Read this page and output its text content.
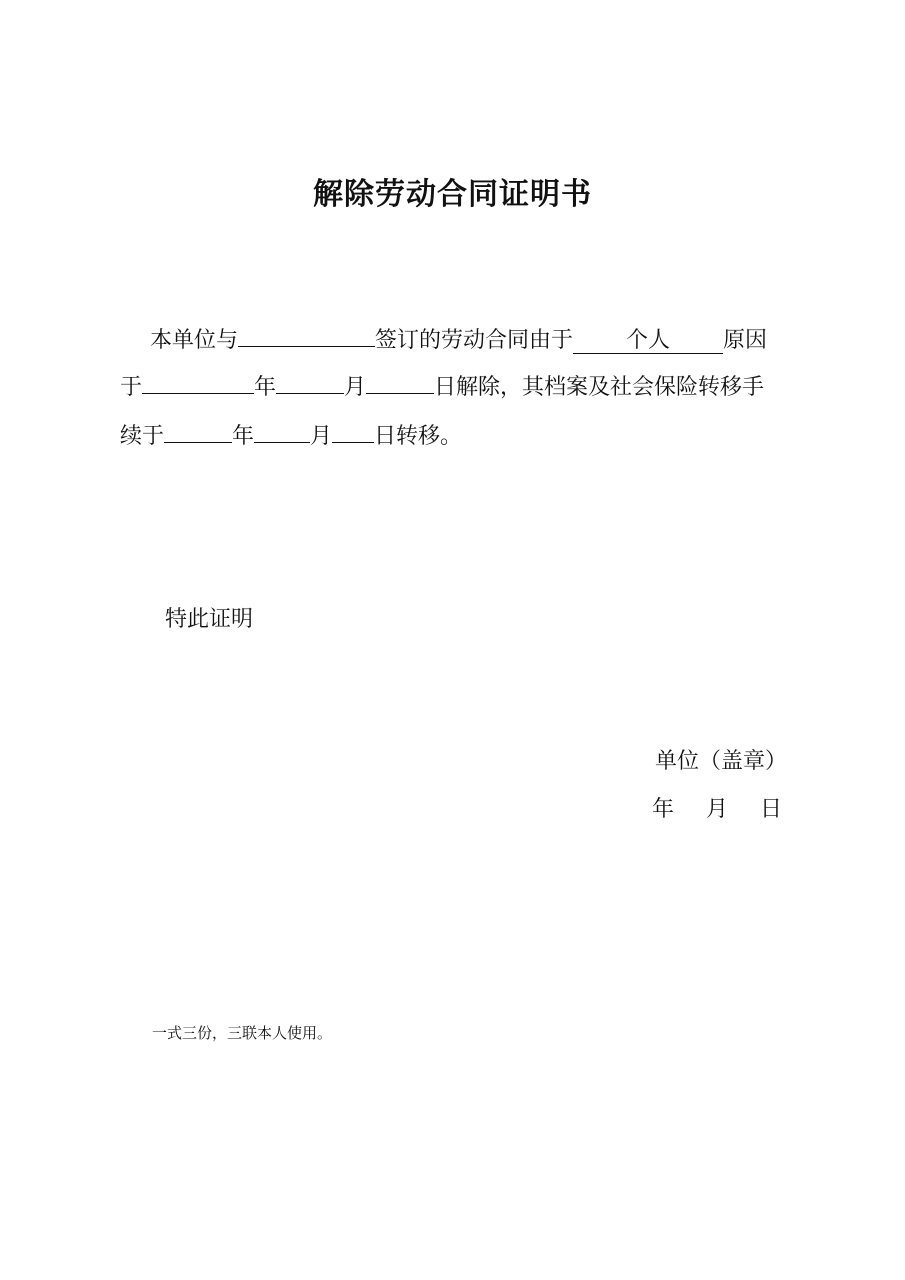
解除劳动合同证明书
本单位与	签订的劳动合同由于 个人 原因
于	年	月	日解除，其档案及社会保险转移手
续于	年	月 日转移。
特此证明
单位（盖章）
年 月 日
一式三份，三联本人使用。
